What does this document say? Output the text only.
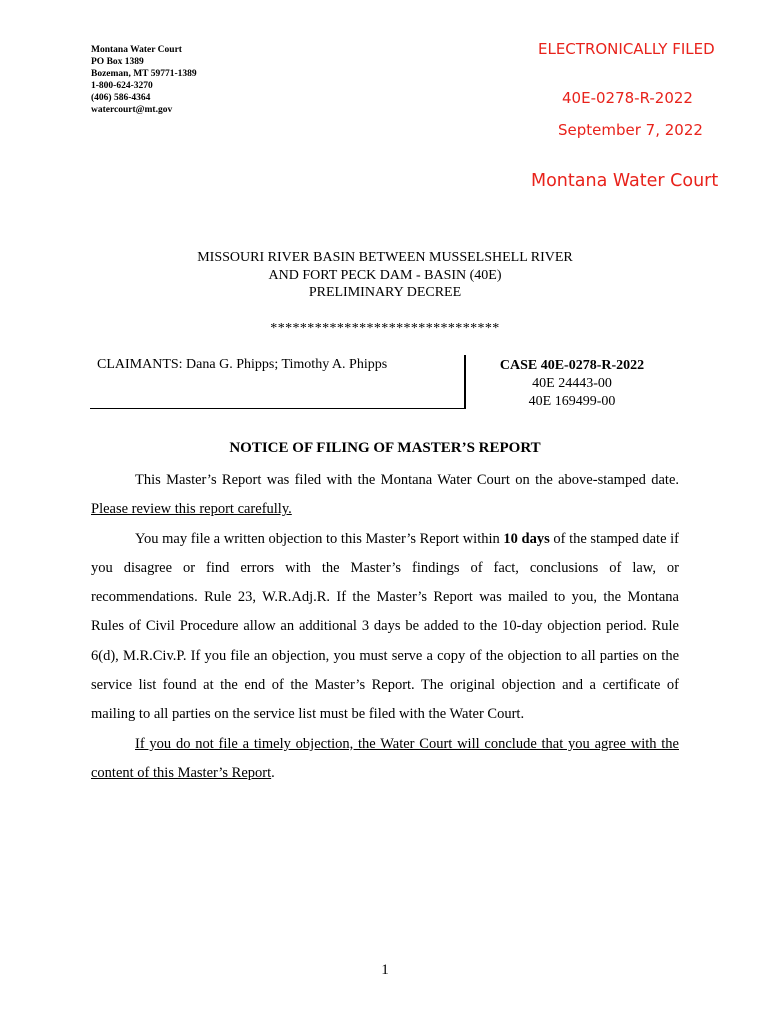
Montana Water Court
PO Box 1389
Bozeman, MT 59771-1389
1-800-624-3270
(406) 586-4364
watercourt@mt.gov
ELECTRONICALLY FILED
40E-0278-R-2022
September 7, 2022
Montana Water Court
MISSOURI RIVER BASIN BETWEEN MUSSELSHELL RIVER
AND FORT PECK DAM - BASIN (40E)
PRELIMINARY DECREE
*******************************
CLAIMANTS: Dana G. Phipps; Timothy A. Phipps	CASE 40E-0278-R-2022
40E 24443-00
40E 169499-00
NOTICE OF FILING OF MASTER’S REPORT

This Master’s Report was filed with the Montana Water Court on the above-stamped date. Please review this report carefully.

You may file a written objection to this Master’s Report within 10 days of the stamped date if you disagree or find errors with the Master’s findings of fact, conclusions of law, or recommendations. Rule 23, W.R.Adj.R. If the Master’s Report was mailed to you, the Montana Rules of Civil Procedure allow an additional 3 days be added to the 10-day objection period. Rule 6(d), M.R.Civ.P. If you file an objection, you must serve a copy of the objection to all parties on the service list found at the end of the Master’s Report. The original objection and a certificate of mailing to all parties on the service list must be filed with the Water Court.

If you do not file a timely objection, the Water Court will conclude that you agree with the content of this Master’s Report.

1
